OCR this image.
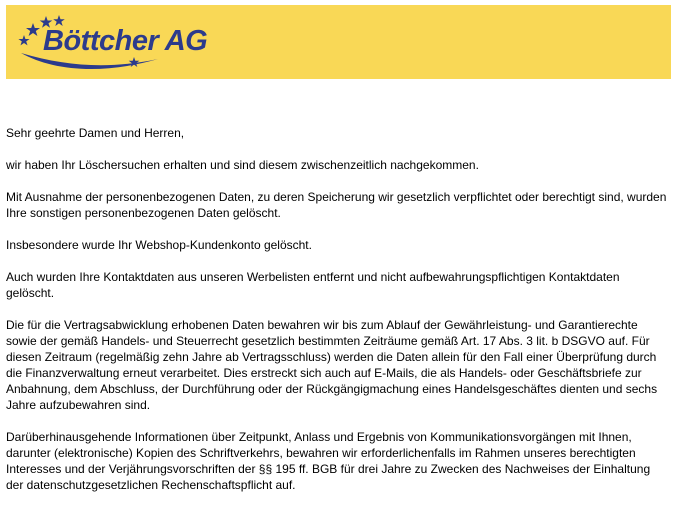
Böttcher AG

Sehr geehrte Damen und Herren,

wir haben Ihr Löschersuchen erhalten und sind diesem zwischenzeitlich nachgekommen.

Mit Ausnahme der personenbezogenen Daten, zu deren Speicherung wir gesetzlich verpflichtet oder berechtigt sind, wurden Ihre sonstigen personenbezogenen Daten gelöscht.

Insbesondere wurde Ihr Webshop-Kundenkonto gelöscht.

Auch wurden Ihre Kontaktdaten aus unseren Werbelisten entfernt und nicht aufbewahrungspflichtigen Kontaktdaten gelöscht.

Die für die Vertragsabwicklung erhobenen Daten bewahren wir bis zum Ablauf der Gewährleistung- und Garantierechte sowie der gemäß Handels- und Steuerrecht gesetzlich bestimmten Zeiträume gemäß Art. 17 Abs. 3 lit. b DSGVO auf. Für diesen Zeitraum (regelmäßig zehn Jahre ab Vertragsschluss) werden die Daten allein für den Fall einer Überprüfung durch die Finanzverwaltung erneut verarbeitet. Dies erstreckt sich auch auf E-Mails, die als Handels- oder Geschäftsbriefe zur Anbahnung, dem Abschluss, der Durchführung oder der Rückgängigmachung eines Handelsgeschäftes dienten und sechs Jahre aufzubewahren sind.

Darüberhinausgehende Informationen über Zeitpunkt, Anlass und Ergebnis von Kommunikationsvorgängen mit Ihnen, darunter (elektronische) Kopien des Schriftverkehrs, bewahren wir erforderlichenfalls im Rahmen unseres berechtigten Interesses und der Verjährungsvorschriften der §§ 195 ff. BGB für drei Jahre zu Zwecken des Nachweises der Einhaltung der datenschutzgesetzlichen Rechenschaftspflicht auf.
